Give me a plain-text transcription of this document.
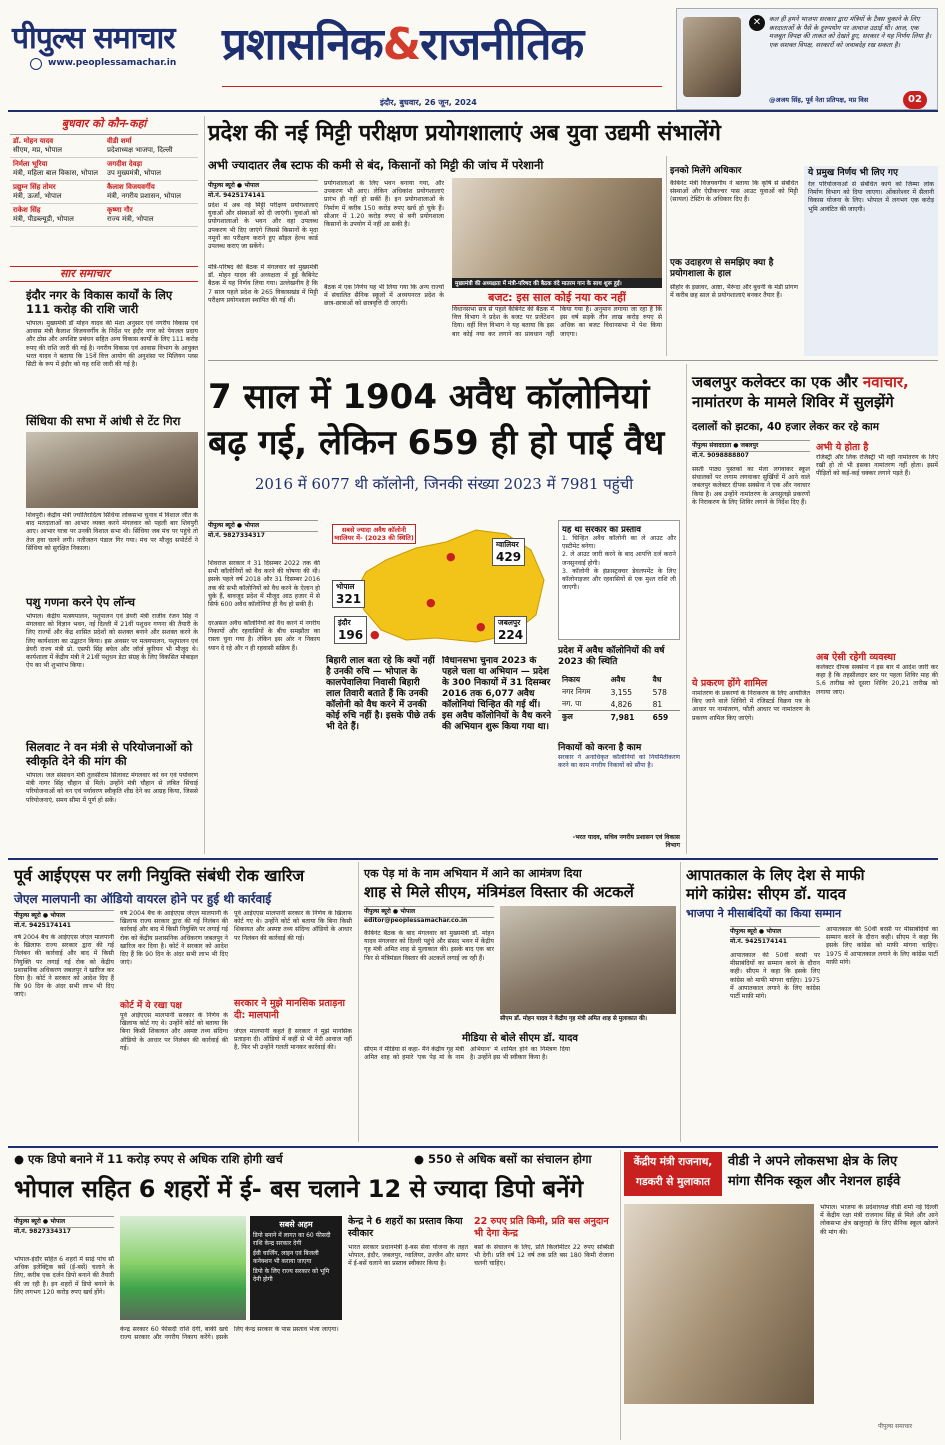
पीपुल्स समाचार
www.peoplessamachar.in प्रशासनिक&राजनीतिक
इंदौर, बुधवार, 26 जून, 2024
✕	कल ही हमने भाजपा सरकार द्वारा मंत्रियों के टैक्स चुकाने के लिए करदाताओं के पैसे के दुरुपयोग पर आवाज उठाई थी। आज, एक मजबूत विपक्ष की ताकत को देखते हुए, सरकार ने यह निर्णय लिया है। एक सशक्त विपक्ष, सरकारों को जवाबदेह रख सकता है।
@अजय सिंह, पूर्व नेता प्रतिपक्ष, मप्र विस	02
बुधवार को कौन-कहां
डॉ. मोहन यादव
सीएम, मप्र, भोपाल
वीडी शर्मा
प्रदेशाध्यक्ष भाजपा, दिल्ली
निर्मला भूरिया
मंत्री, महिला बाल विकास, भोपाल
जगदीश देवड़ा
उप मुख्यमंत्री, भोपाल
प्रद्युम्न सिंह तोमर
मंत्री, ऊर्जा, भोपाल
कैलाश विजयवर्गीय
मंत्री, नगरीय प्रशासन, भोपाल
राकेश सिंह
मंत्री, पीडब्ल्यूडी, भोपाल
कृष्णा गौर
राज्य मंत्री, भोपाल
सार समाचार
इंदौर नगर के विकास कार्यों के लिए 111 करोड़ की राशि जारी
भोपाल। मुख्यमंत्री डॉ मोहन यादव की मंशा अनुसार एवं नगरीय विकास एवं आवास मंत्री कैलाश विजयवर्गीय के निर्देश पर इंदौर नगर को पेयजल प्रदाय और ठोस और अपशिष्ट प्रबंधन सहित अन्य विकास कार्यों के लिए 111 करोड़ रुपए की राशि जारी की गई है। नगरीय विकास एवं आवास विभाग के आयुक्त भरत यादव ने बताया कि 15वें वित्त आयोग की अनुशंसा पर मिलियन प्लस सिटी के रूप में इंदौर को यह राशि जारी की गई है।
सिंधिया की सभा में आंधी से टेंट गिरा
शिवपुरी। केंद्रीय मंत्री ज्योतिरादित्य सिंधिया लोकसभा चुनाव में विशाल जीत के बाद मतदाताओं का आभार व्यक्त करने मंगलवार को पहली बार शिवपुरी आए। आभार यात्रा पर उनकी विशाल सभा थी। सिंधिया जब मंच पर पहुंचे तो तेज हवा चलने लगी। नतीजतन पंडाल गिर गया। मंच पर मौजूद सपोर्टरों ने सिंधिया को सुरक्षित निकाला।
पशु गणना करने ऐप लॉन्च
भोपाल। केंद्रीय मत्स्यपालन, पशुपालन एवं डेयरी मंत्री राजीव रंजन सिंह ने मंगलवार को विज्ञान भवन, नई दिल्ली में 21वीं पशुधन गणना की तैयारी के लिए राज्यों और केंद्र शासित प्रदेशों को सशक्त बनाने और सशक्त करने के लिए कार्यशाला का उद्घाटन किया। इस अवसर पर मत्स्यपालन, पशुपालन एवं डेयरी राज्य मंत्री प्रो. एसपी सिंह बघेल और जॉर्ज कुरियन भी मौजूद थे। कार्यशाला में केंद्रीय मंत्री ने 21वीं पशुधन डेटा संग्रह के लिए विकसित मोबाइल ऐप का भी शुभारंभ किया।
सिलवाट ने वन मंत्री से परियोजनाओं को स्वीकृति देने की मांग की
भोपाल। जल संसाधन मंत्री तुलसीराम सिलावट मंगलवार को वन एवं पर्यावरण मंत्री नागर सिंह चौहान से मिले। उन्होंने मंत्री चौहान से लंबित सिंचाई परियोजनाओं को वन एवं पर्यावरण स्वीकृति शीघ्र देने का आग्रह किया, जिससे परियोजनाएं, समय सीमा में पूर्ण हो सकें।
प्रदेश की नई मिट्टी परीक्षण प्रयोगशालाएं अब युवा उद्यमी संभालेंगे
अभी ज्यादातर लैब स्टाफ की कमी से बंद, किसानों को मिट्टी की जांच में परेशानी
पीपुल्स ब्यूरो ● भोपाल
मो.नं. 9425174141
प्रदेश में अब नई मिट्टी परीक्षण प्रयोगशालाएं युवाओं और संस्थाओं को दी जाएंगी। युवाओं को प्रयोगशालाओं के भवन और वहां उपलब्ध उपकरण भी दिए जाएंगे जिससे किसानों के मृदा नमूनों का परीक्षण कराने हुए सॉइल हेल्थ कार्ड उपलब्ध कराए जा सकेंगे।
मंत्रि-परिषद की बैठक में मंगलवार को मुख्यमंत्री डॉ. मोहन यादव की अध्यक्षता में हुई कैबिनेट बैठक में यह निर्णय लिया गया। उल्लेखनीय है कि 7 साल पहले प्रदेश के 265 विकासखंड में मिट्टी परीक्षण प्रयोगशाला स्थापित की गई थीं।
प्रयोगशालाओं के लिए भवन बनाया गया, और उपकरण भी आए। लेकिन अधिकांश प्रयोगशालाएं प्रारंभ ही नहीं हो सकीं हैं। इन प्रयोगशालाओं के निर्माण में करीब 150 करोड़ रुपए खर्च हो चुके हैं। सीआर में 1.20 करोड़ रुपए से बनी प्रयोगशाला किसानों के उपयोग में नहीं आ सकी है।
बैठक में एक निर्णय यह भी लिया गया कि अन्य राज्यों में संचालित सैनिक स्कूलों में अध्ययनरत प्रदेश के छात्र-छात्राओं को छात्रवृत्ति दी जाएगी।
मुख्यमंत्री की अध्यक्षता में मंत्री-परिषद की बैठक वंदे मातरम गान के साथ शुरू हुई।
बजट: इस साल कोई नया कर नहीं
विधानसभा सत्र से पहले कैबिनेट की बैठक में वित्त विभाग ने प्रदेश के बजट पर प्रजेंटेशन दिया। वहीं वित्त विभाग ने यह बताया कि इस बार कोई नया कर लगाने का प्रावधान नहीं किया गया है। अनुमान लगाया जा रहा है कि इस वर्ष सड़कें तीन लाख करोड़ रुपए से अधिक का बजट विधानसभा में पेश किया जाएगा।
इनको मिलेंगे अधिकार
कैबिनेट मंत्री विजयवर्गीय ने बताया कि कृषि से संबंधित संस्थाओं और ऐग्रीकल्चर पास आउट युवाओं को मिट्टी (सायल) टेस्टिंग के अधिकार दिए हैं।
एक उदाहरण से समझिए क्या है प्रयोगशाला के हाल
सीहोर के इछावर, आष्टा, भैरूंदा और बुधनी के मंडी प्रांगण में करीब छह साल से प्रयोगशालाएं बनकर तैयार हैं।
ये प्रमुख निर्णय भी लिए गए
रेल परियोजनाओं से संबंधित कार्य को जिम्मा लोक निर्माण विभाग को दिया जाएगा। ओंकारेश्वर में सैलानी विकास योजना के लिए। भोपाल में लगभग एक करोड़ भूमि आवंटित की जाएगी।
7 साल में 1904 अवैध कॉलोनियां बढ़ गई, लेकिन 659 ही हो पाई वैध
2016 में 6077 थी कॉलोनी, जिनकी संख्या 2023 में 7981 पहुंची
पीपुल्स ब्यूरो ● भोपाल
मो.नं. 9827334317
शिवराज सरकार ने 31 दिसम्बर 2022 तक की सभी कॉलोनियों को वैध करने की घोषणा की थी। इसके पहले वर्ष 2018 और 31 दिसम्बर 2016 तक की सभी कॉलोनियों को वैध करने के ऐलान हो चुके हैं, बावजूद प्रदेश में मौजूद आठ हजार में से सिर्फ 600 अवैध कॉलोनियां ही वैध हो सकी हैं।
दरअसल अवैध कॉलोनियों को वैध करने में नगरीय निकायों और रहवासियों के बीच समझौता का रास्ता चुना गया है। लेकिन इस ओर न निकाय ध्यान दे रहे और न ही रहवासी सक्रिय हैं।
सबसे ज्यादा अवैध कॉलोनी ग्वालियर में- (2023 की स्थिति)
ग्वालियर
429
भोपाल
321
इंदौर
196
जबलपुर
224
●
●
●
●
बिहारी लाल बता रहे कि क्यों नहीं है उनकी रुचि — भोपाल के कालपेवालिया निवासी बिहारी लाल तिवारी बताते हैं कि उनकी कॉलोनी को वैध करने में उनकी कोई रुचि नहीं है। इसके पीछे तर्क भी देते हैं।
विधानसभा चुनाव 2023 के पहले चला था अभियान — प्रदेश के 300 निकायों में 31 दिसम्बर 2016 तक 6,077 अवैध कॉलोनियां चिन्हित की गई थीं। इस अवैध कॉलोनियों के वैध करने की अभियान शुरू किया गया था।
यह था सरकार का प्रस्ताव
1. चिन्हित अवैध कॉलोनी का ले आउट और एस्टीमेट बनेगा।
2. ले आउट जारी करने के बाद आपत्ति दर्ज कराने जनसुनवाई होगी।
3. कॉलोनी के इंफ्रास्ट्रक्चर डेवलपमेंट के लिए कॉलोनाइजर और रहवासियों से एक मुश्त राशि ली जाएगी।
प्रदेश में अवैध कॉलोनियों की वर्ष 2023 की स्थिति
निकाय	अवैध	वैध
नगर निगम	3,155	578
नग. पा	4,826	81
कुल	7,981	659
निकायों को करना है काम
सरकार ने अनाधिकृत कॉलोनियों को नियमितीकरण करने का काम नगरीय निकायों को सौंपा है।
-भरत यादव, सचिव नगरीय प्रशासन एवं विकास विभाग
जबलपुर कलेक्टर का एक और नवाचार,
नामांतरण के मामले शिविर में सुलझेंगे
दलालों को झटका, 40 हजार लेकर कर रहे काम
पीपुल्स संवाददाता ● जबलपुर
मो.नं. 9098888807
सस्ती पाठ्य पुस्तकों का मेला लगवाकर स्कूल संचालकों पर लगाम लगवाकर सुर्खियों में आने वाले जबलपुर कलेक्टर दीपक सक्सेना ने एक और नवाचार किया है। अब उन्होंने नामांतरण के अनसुलझे प्रकरणों के निराकरण के लिए शिविर लगाने के निर्देश दिए हैं।
ये प्रकरण होंगे शामिल
नामांतरण के प्रकरणों के निराकरण के लिए आयोजित किए जाने वाले शिविरों में रजिस्टर्ड विक्रय पत्र के आधार पर नामांतरण, फौती आधार पर नामांतरण के प्रकरण शामिल किए जाएंगे।
अभी ये होता है
रजिस्ट्री और लिंक रजिस्ट्री भी वहीं नामांतरण के लिए रखी हो तो भी इसका नामांतरण नहीं होता। इसमें पीड़ितों को कई-कई चक्कर लगाने पड़ते हैं।
अब ऐसी रहेगी व्यवस्था
कलेक्टर दीपक सक्सेना ने इस बार में आदेश जारी कर कहा है कि तहसीलदार स्तर पर पहला शिविर माह की 5,6 तारीख को दूसरा शिविर 20,21 तारीख को लगाया जाए।
पूर्व आईएएस पर लगी नियुक्ति संबंधी रोक खारिज
जेएल मालपानी का ऑडियो वायरल होने पर हुई थी कार्रवाई
पीपुल्स ब्यूरो ● भोपाल
मो.नं. 9425174141
वर्ष 2004 बैच के आईएएस जेएल मालपानी के खिलाफ राज्य सरकार द्वारा की गई निलंबन की कार्रवाई और बाद में किसी नियुक्ति पर लगाई गई रोक को केंद्रीय प्रशासनिक अधिकरण जबलपुर ने खारिज कर दिया है। कोर्ट ने सरकार को आदेश दिए हैं कि 90 दिन के अंदर सभी लाभ भी दिए जाएं।
कोर्ट में ये रखा पक्ष
पूर्व आईएएस मालपानी सरकार के निर्णय के खिलाफ कोर्ट गए थे। उन्होंने कोर्ट को बताया कि बिना किसी शिकायत और अस्पष्ट तथ्य संदिग्ध ऑडियो के आधार पर निलंबन की कार्रवाई की गई।
वर्ष 2004 बैच के आईएएस जेएल मालपानी के खिलाफ राज्य सरकार द्वारा की गई निलंबन की कार्रवाई और बाद में किसी नियुक्ति पर लगाई गई रोक को केंद्रीय प्रशासनिक अधिकरण जबलपुर ने खारिज कर दिया है। कोर्ट ने सरकार को आदेश दिए हैं कि 90 दिन के अंदर सभी लाभ भी दिए जाएं।
सरकार ने मुझे मानसिक प्रताड़ना दी: मालपानी
जेएल मालपानी कहते हैं सरकार ने मुझे मानसिक प्रताड़ना दी। ऑडियो में कहीं से भी मेरी आवाज नहीं है, फिर भी उन्होंने गलती मानकर कार्रवाई की।
पूर्व आईएएस मालपानी सरकार के निर्णय के खिलाफ कोर्ट गए थे। उन्होंने कोर्ट को बताया कि बिना किसी शिकायत और अस्पष्ट तथ्य संदिग्ध ऑडियो के आधार पर निलंबन की कार्रवाई की गई।
एक पेड़ मां के नाम अभियान में आने का आमंत्रण दिया
शाह से मिले सीएम, मंत्रिमंडल विस्तार की अटकलें
पीपुल्स ब्यूरो ● भोपाल
editor@peoplessamachar.co.in
सीएम डॉ. मोहन यादव ने केंद्रीय गृह मंत्री अमित शाह से मुलाकात की।
कैबिनेट बैठक के बाद मंगलवार को मुख्यमंत्री डॉ. मोहन यादव मंगलवार को दिल्ली पहुंचे और संसद भवन में केंद्रीय गृह मंत्री अमित शाह से मुलाकात की। इसके बाद एक बार फिर से मंत्रिमंडल विस्तार की अटकलें लगाई जा रही हैं।
मीडिया से बोले सीएम डॉ. यादव
सीएम ने मीडिया से कहा- मैंने केंद्रीय गृह मंत्री अमित शाह को हमारे 'एक पेड़ मां के नाम अभियान' में शामिल होने का निमंत्रण दिया है। उन्होंने इस भी स्वीकार किया है।
आपातकाल के लिए देश से माफी
मांगे कांग्रेस: सीएम डॉ. यादव
भाजपा ने मीसाबंदियों का किया सम्मान
पीपुल्स ब्यूरो ● भोपाल
मो.नं. 9425174141
आपातकाल की 50वीं बरसी पर मीसाबंदियों का सम्मान करने के दौरान कही। सीएम ने कहा कि इसके लिए कांग्रेस को माफी मांगना चाहिए। 1975 में आपातकाल लगाने के लिए कांग्रेस पार्टी माफ़ी मांगे।
आपातकाल की 50वीं बरसी पर मीसाबंदियों का सम्मान करने के दौरान कही। सीएम ने कहा कि इसके लिए कांग्रेस को माफी मांगना चाहिए। 1975 में आपातकाल लगाने के लिए कांग्रेस पार्टी माफ़ी मांगे।
● एक डिपो बनाने में 11 करोड़ रुपए से अधिक राशि होगी खर्च	● 550 से अधिक बसों का संचालन होगा
भोपाल सहित 6 शहरों में ई- बस चलाने 12 से ज्यादा डिपो बनेंगे
पीपुल्स ब्यूरो ● भोपाल
मो.नं. 9827334317
भोपाल-इंदौर सहित 6 शहरों में साढ़े पांच सौ अधिक इलेक्ट्रिक बसें (ई-बसें) चलाने के लिए, करीब एक दर्जन डिपो बनाने की तैयारी की जा रही है। इन शहरों में डिपो बनाने के लिए लगभग 120 करोड़ रुपए खर्च होंगे।
सबसे अहम
डिपो बनाने में लागत का 60 फीसदी राशि केन्द्र सरकार देगी
ईवी चार्जिंग, लाइन एवं बिजली कनेक्शन भी कराया जाएगा
डिपो के लिए राज्य सरकार को भूमि देनी होगी
केन्द्र सरकार 60 फीसदी राशि देगी, बाकी खर्च राज्य सरकार और नगरीय निकाय करेंगे। इसके लिए केन्द्र सरकार के पास प्रस्ताव भेजा जाएगा।
केन्द्र ने 6 शहरों का प्रस्ताव किया स्वीकार
भारत सरकार प्रधानमंत्री ई-बस सेवा योजना के तहत भोपाल, इंदौर, जबलपुर, ग्वालियर, उज्जैन और सागर में ई-बसें चलाने का प्रस्ताव स्वीकार किया है।
22 रुपए प्रति किमी, प्रति बस अनुदान भी देगा केन्द्र
बसों के संचालन के लिए, प्रति किलोमीटर 22 रुपए सब्सिडी भी देगी। प्रति वर्ष 12 वर्ष तक प्रति बस 180 किमी रोजाना चलनी चाहिए।
केंद्रीय मंत्री राजनाथ,
गडकरी से मुलाकात
वीडी ने अपने लोकसभा क्षेत्र के लिए
मांगा सैनिक स्कूल और नेशनल हाईवे
भोपाल। भाजपा के प्रदेशाध्यक्ष वीडी शर्मा नई दिल्ली में केंद्रीय रक्षा मंत्री राजनाथ सिंह से मिले और आने लोकसभा क्षेत्र खजुराहो के लिए सैनिक स्कूल खोलने की मांग की।
पीपुल्स समाचार
